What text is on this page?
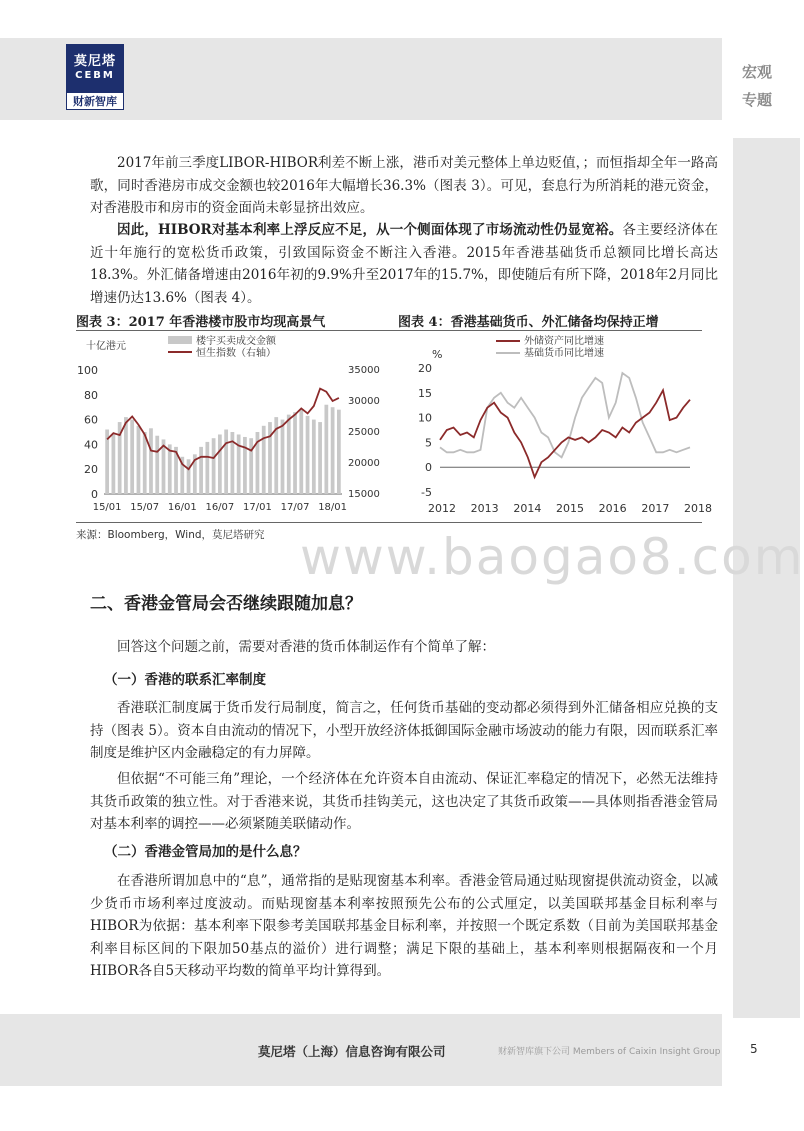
莫尼塔
CEBM
财新智库
宏观
专题

2017年前三季度LIBOR-HIBOR利差不断上涨，港币对美元整体上单边贬值，；而恒指却全年一路高歌，同时香港房市成交金额也较2016年大幅增长36.3%（图表 3）。可见，套息行为所消耗的港元资金，对香港股市和房市的资金面尚未彰显挤出效应。

因此，HIBOR对基本利率上浮反应不足，从一个侧面体现了市场流动性仍显宽裕。各主要经济体在近十年施行的宽松货币政策，引致国际资金不断注入香港。2015年香港基础货币总额同比增长高达18.3%。外汇储备增速由2016年初的9.9%升至2017年的15.7%，即使随后有所下降，2018年2月同比增速仍达13.6%（图表 4）。

图表 3：2017 年香港楼市股市均现高景气	图表 4：香港基础货币、外汇储备均保持正增
十亿港元	楼宇买卖成交金额
恒生指数（右轴）
0
20
40
60
80
100
15000
20000
25000
30000
35000
15/01 15/07 16/01 16/07 17/01 17/07 18/01
%
外储资产同比增速
基础货币同比增速
-5
0
5
10
15
20
2012 2013 2014 2015 2016 2017 2018
来源：Bloomberg，Wind，莫尼塔研究 www.baogao8.com
二、香港金管局会否继续跟随加息？

回答这个问题之前，需要对香港的货币体制运作有个简单了解：

（一）香港的联系汇率制度

香港联汇制度属于货币发行局制度，简言之，任何货币基础的变动都必须得到外汇储备相应兑换的支持（图表 5）。资本自由流动的情况下，小型开放经济体抵御国际金融市场波动的能力有限，因而联系汇率制度是维护区内金融稳定的有力屏障。

但依据“不可能三角”理论，一个经济体在允许资本自由流动、保证汇率稳定的情况下，必然无法维持其货币政策的独立性。对于香港来说，其货币挂钩美元，这也决定了其货币政策——具体则指香港金管局对基本利率的调控——必须紧随美联储动作。

（二）香港金管局加的是什么息？

在香港所谓加息中的“息”，通常指的是贴现窗基本利率。香港金管局通过贴现窗提供流动资金，以减少货币市场利率过度波动。而贴现窗基本利率按照预先公布的公式厘定，以美国联邦基金目标利率与HIBOR为依据：基本利率下限参考美国联邦基金目标利率，并按照一个既定系数（目前为美国联邦基金利率目标区间的下限加50基点的溢价）进行调整；满足下限的基础上，基本利率则根据隔夜和一个月HIBOR各自5天移动平均数的简单平均计算得到。

莫尼塔（上海）信息咨询有限公司	财新智库旗下公司 Members of Caixin Insight Group 5
